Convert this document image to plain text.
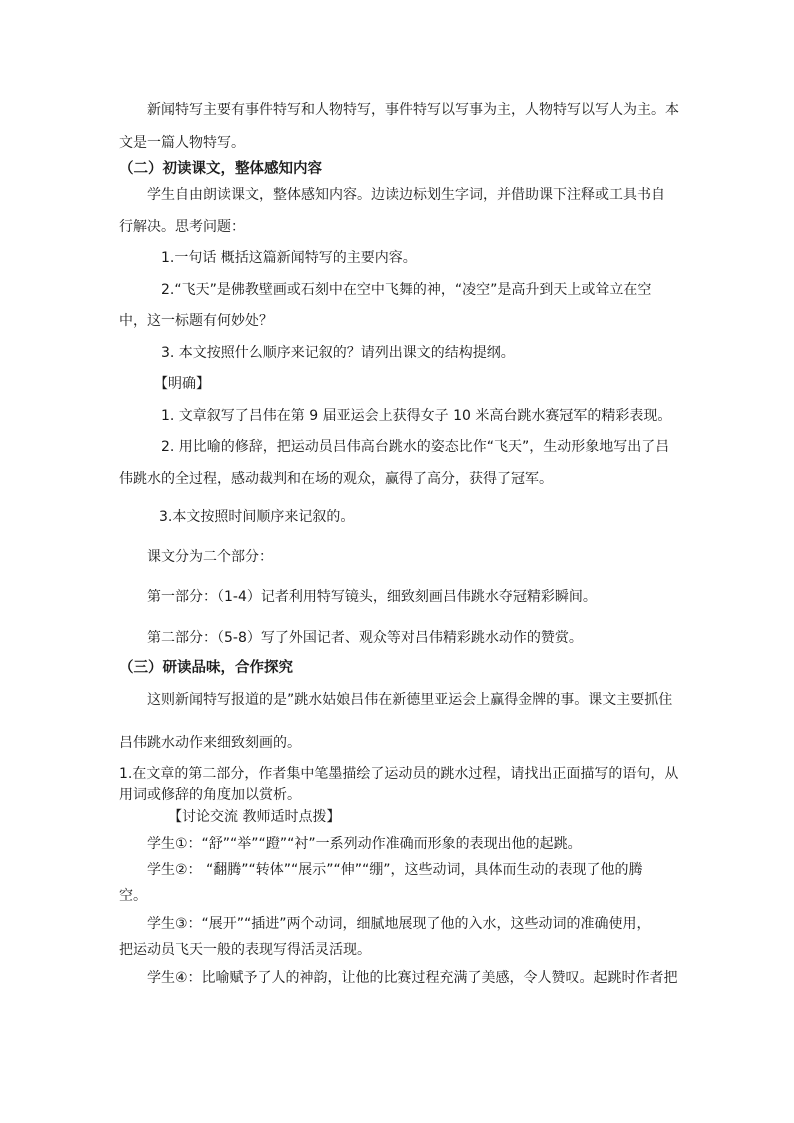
新闻特写主要有事件特写和人物特写，事件特写以写事为主，人物特写以写人为主。本
文是一篇人物特写。
（二）初读课文，整体感知内容
学生自由朗读课文，整体感知内容。边读边标划生字词，并借助课下注释或工具书自
行解决。思考问题：
1.一句话 概括这篇新闻特写的主要内容。
2.“飞天”是佛教壁画或石刻中在空中飞舞的神，“凌空”是高升到天上或耸立在空
中，这一标题有何妙处？
3. 本文按照什么顺序来记叙的？请列出课文的结构提纲。
【明确】
1. 文章叙写了吕伟在第 9 届亚运会上获得女子 10 米高台跳水赛冠军的精彩表现。
2. 用比喻的修辞，把运动员吕伟高台跳水的姿态比作“飞天”，生动形象地写出了吕
伟跳水的全过程，感动裁判和在场的观众，赢得了高分，获得了冠军。
3.本文按照时间顺序来记叙的。
课文分为二个部分：
第一部分：（1-4）记者利用特写镜头，细致刻画吕伟跳水夺冠精彩瞬间。
第二部分：（5-8）写了外国记者、观众等对吕伟精彩跳水动作的赞赏。
（三）研读品味，合作探究
这则新闻特写报道的是”跳水姑娘吕伟在新德里亚运会上赢得金牌的事。课文主要抓住
吕伟跳水动作来细致刻画的。
1.在文章的第二部分，作者集中笔墨描绘了运动员的跳水过程，请找出正面描写的语句，从
用词或修辞的角度加以赏析。
【讨论交流 教师适时点拨】
学生①：“舒”“举”“蹬”“衬”一系列动作准确而形象的表现出他的起跳。
学生②： “翻腾”“转体”“展示”“伸”“绷”，这些动词，具体而生动的表现了他的腾
空。
学生③：“展开”“插进”两个动词，细腻地展现了他的入水，这些动词的准确使用，
把运动员飞天一般的表现写得活灵活现。
学生④：比喻赋予了人的神韵，让他的比赛过程充满了美感，令人赞叹。起跳时作者把
